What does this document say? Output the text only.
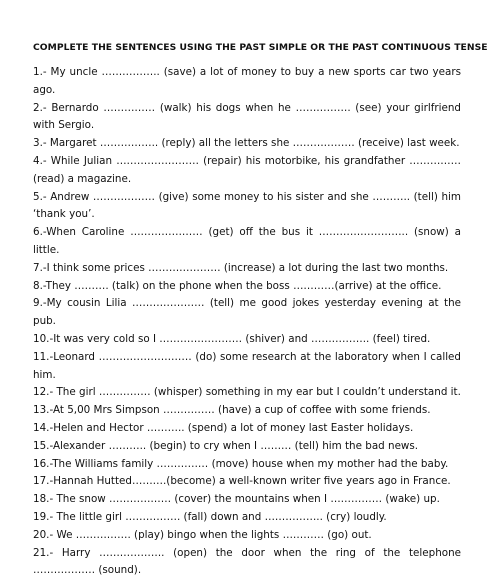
COMPLETE THE SENTENCES USING THE PAST SIMPLE OR THE PAST CONTINUOUS TENSE

1.- My uncle …………….. (save) a lot of money to buy a new sports car two years ago.

2.- Bernardo …………… (walk) his dogs when he ……………. (see) your girlfriend with Sergio.

3.- Margaret …………….. (reply) all the letters she ……………… (receive) last week.

4.- While Julian …………………… (repair) his motorbike, his grandfather …………… (read) a magazine.

5.- Andrew ……………… (give) some money to his sister and she ……….. (tell) him ‘thank you’.

6.-When Caroline ………………… (get) off the bus it …………………….. (snow) a little.

7.-I think some prices ………………… (increase) a lot during the last two months.

8.-They ………. (talk) on the phone when the boss …………(arrive) at the office.

9.-My cousin Lilia ………………… (tell) me good jokes yesterday evening at the pub.

10.-It was very cold so I …………………… (shiver) and …………….. (feel) tired.

11.-Leonard ……………………… (do) some research at the laboratory when I called him.

12.- The girl …………… (whisper) something in my ear but I couldn’t understand it.

13.-At 5,00 Mrs Simpson …………… (have) a cup of coffee with some friends.

14.-Helen and Hector ……….. (spend) a lot of money last Easter holidays.

15.-Alexander ……….. (begin) to cry when I ……… (tell) him the bad news.

16.-The Williams family …………… (move) house when my mother had the baby.

17.-Hannah Hutted……….(become) a well-known writer five years ago in France.

18.- The snow ……………… (cover) the mountains when I …………… (wake) up.

19.- The little girl ……………. (fall) down and …………….. (cry) loudly.

20.- We ……………. (play) bingo when the lights ………… (go) out.

21.- Harry ………………. (open) the door when the ring of the telephone ……………… (sound).
